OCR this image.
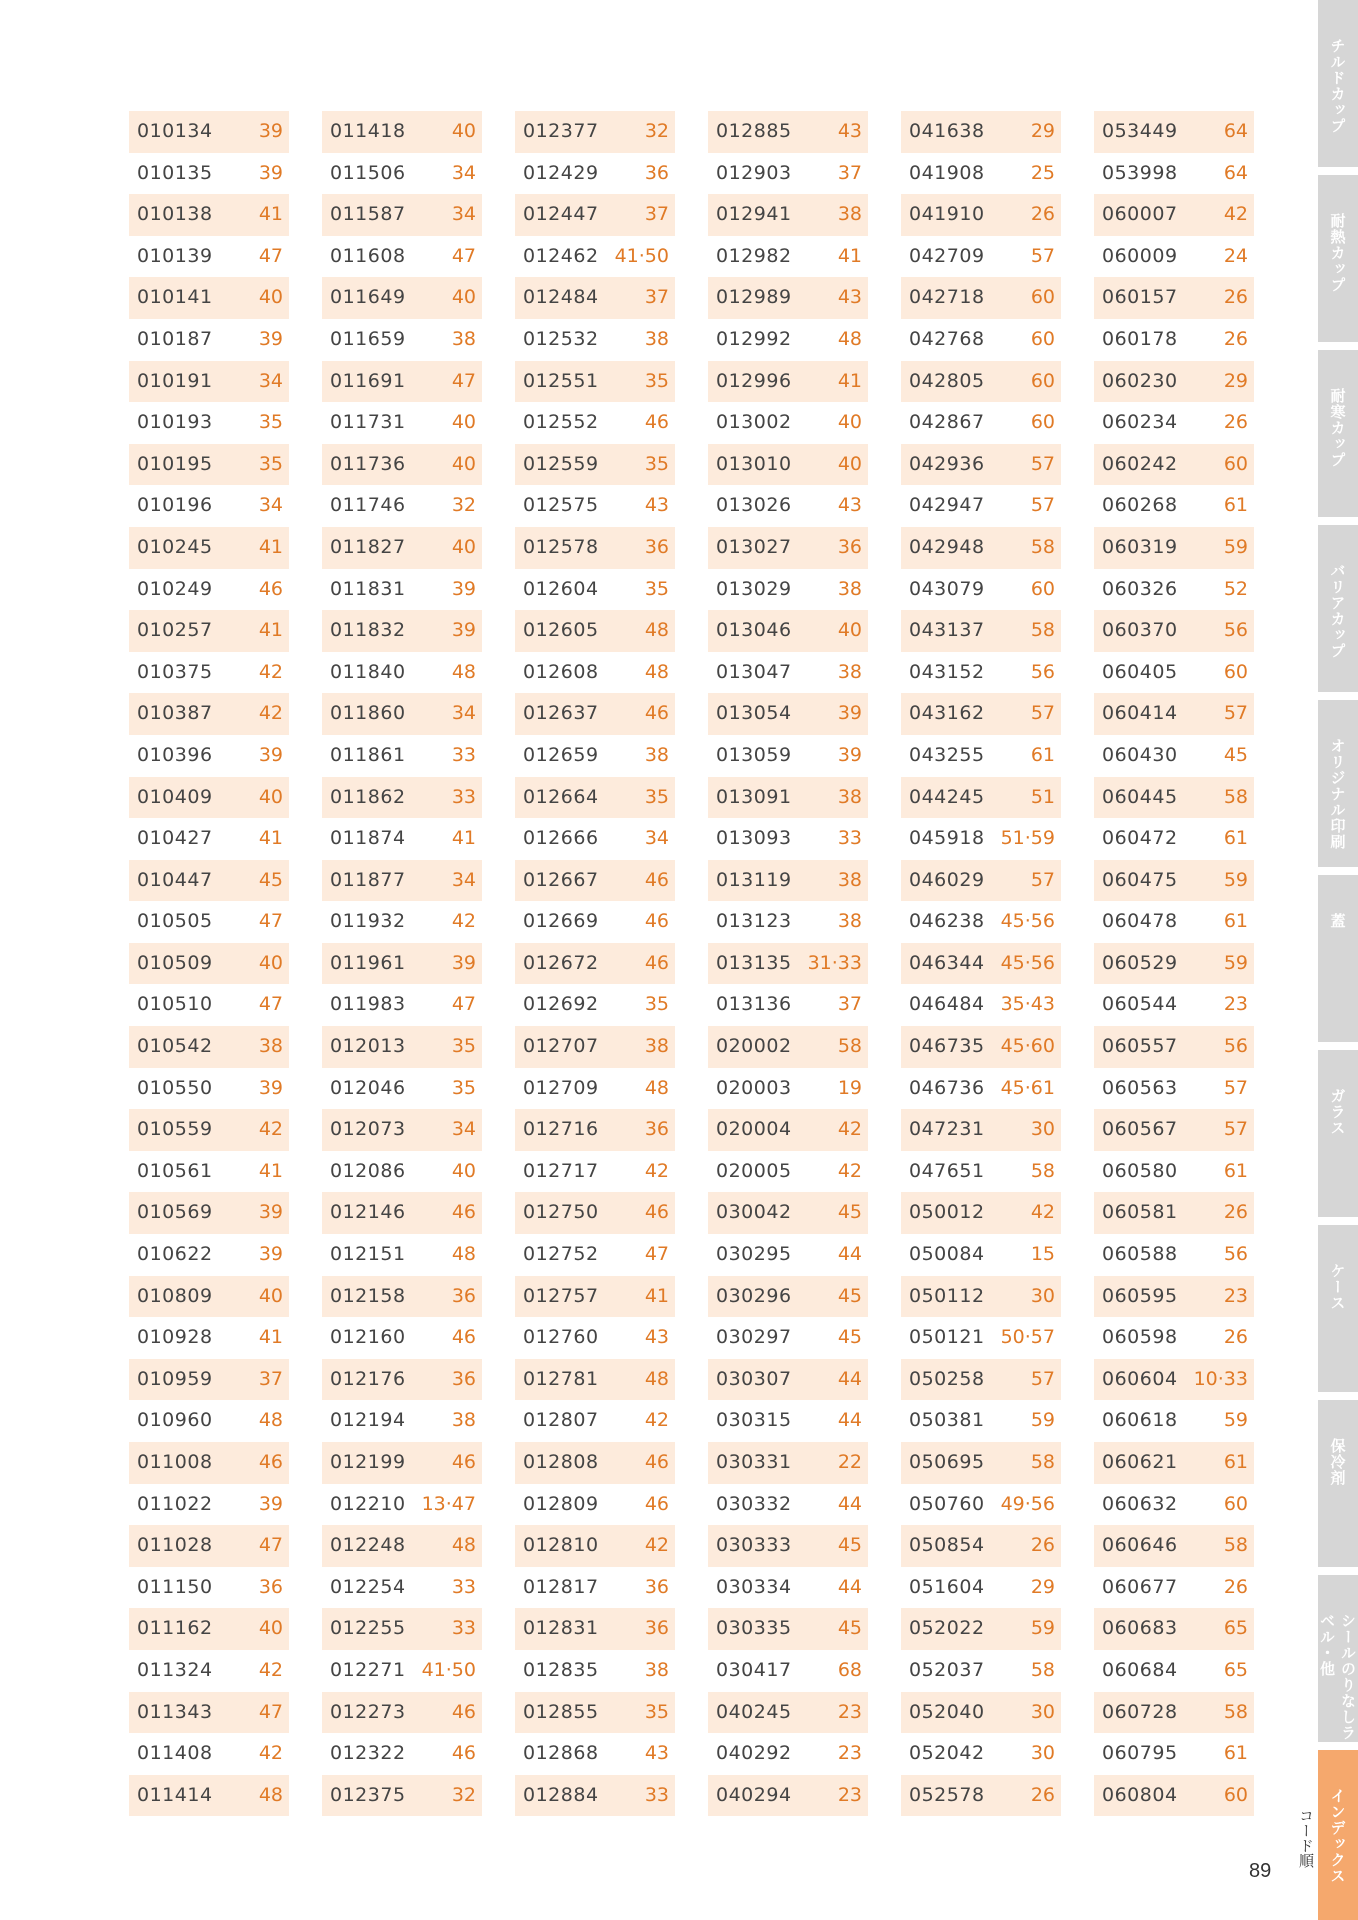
010134 39
010135 39
010138 41
010139 47
010141 40
010187 39
010191 34
010193 35
010195 35
010196 34
010245 41
010249 46
010257 41
010375 42
010387 42
010396 39
010409 40
010427 41
010447 45
010505 47
010509 40
010510 47
010542 38
010550 39
010559 42
010561 41
010569 39
010622 39
010809 40
010928 41
010959 37
010960 48
011008 46
011022 39
011028 47
011150 36
011162 40
011324 42
011343 47
011408 42
011414 48
011418 40
011506 34
011587 34
011608 47
011649 40
011659 38
011691 47
011731 40
011736 40
011746 32
011827 40
011831 39
011832 39
011840 48
011860 34
011861 33
011862 33
011874 41
011877 34
011932 42
011961 39
011983 47
012013 35
012046 35
012073 34
012086 40
012146 46
012151 48
012158 36
012160 46
012176 36
012194 38
012199 46
012210 13·47
012248 48
012254 33
012255 33
012271 41·50
012273 46
012322 46
012375 32
012377 32
012429 36
012447 37
012462 41·50
012484 37
012532 38
012551 35
012552 46
012559 35
012575 43
012578 36
012604 35
012605 48
012608 48
012637 46
012659 38
012664 35
012666 34
012667 46
012669 46
012672 46
012692 35
012707 38
012709 48
012716 36
012717 42
012750 46
012752 47
012757 41
012760 43
012781 48
012807 42
012808 46
012809 46
012810 42
012817 36
012831 36
012835 38
012855 35
012868 43
012884 33
012885 43
012903 37
012941 38
012982 41
012989 43
012992 48
012996 41
013002 40
013010 40
013026 43
013027 36
013029 38
013046 40
013047 38
013054 39
013059 39
013091 38
013093 33
013119 38
013123 38
013135 31·33
013136 37
020002 58
020003 19
020004 42
020005 42
030042 45
030295 44
030296 45
030297 45
030307 44
030315 44
030331 22
030332 44
030333 45
030334 44
030335 45
030417 68
040245 23
040292 23
040294 23
041638 29
041908 25
041910 26
042709 57
042718 60
042768 60
042805 60
042867 60
042936 57
042947 57
042948 58
043079 60
043137 58
043152 56
043162 57
043255 61
044245 51
045918 51·59
046029 57
046238 45·56
046344 45·56
046484 35·43
046735 45·60
046736 45·61
047231 30
047651 58
050012 42
050084 15
050112 30
050121 50·57
050258 57
050381 59
050695 58
050760 49·56
050854 26
051604 29
052022 59
052037 58
052040 30
052042 30
052578 26
053449 64
053998 64
060007 42
060009 24
060157 26
060178 26
060230 29
060234 26
060242 60
060268 61
060319 59
060326 52
060370 56
060405 60
060414 57
060430 45
060445 58
060472 61
060475 59
060478 61
060529 59
060544 23
060557 56
060563 57
060567 57
060580 61
060581 26
060588 56
060595 23
060598 26
060604 10·33
060618 59
060621 61
060632 60
060646 58
060677 26
060683 65
060684 65
060728 58
060795 61
060804 60
チルドカップ
耐熱カップ
耐寒カップ
バリアカップ
オリジナル印刷
蓋
ガラス
ケース
保冷剤
シールのりなしラベル・他
インデックス
コード順
89
